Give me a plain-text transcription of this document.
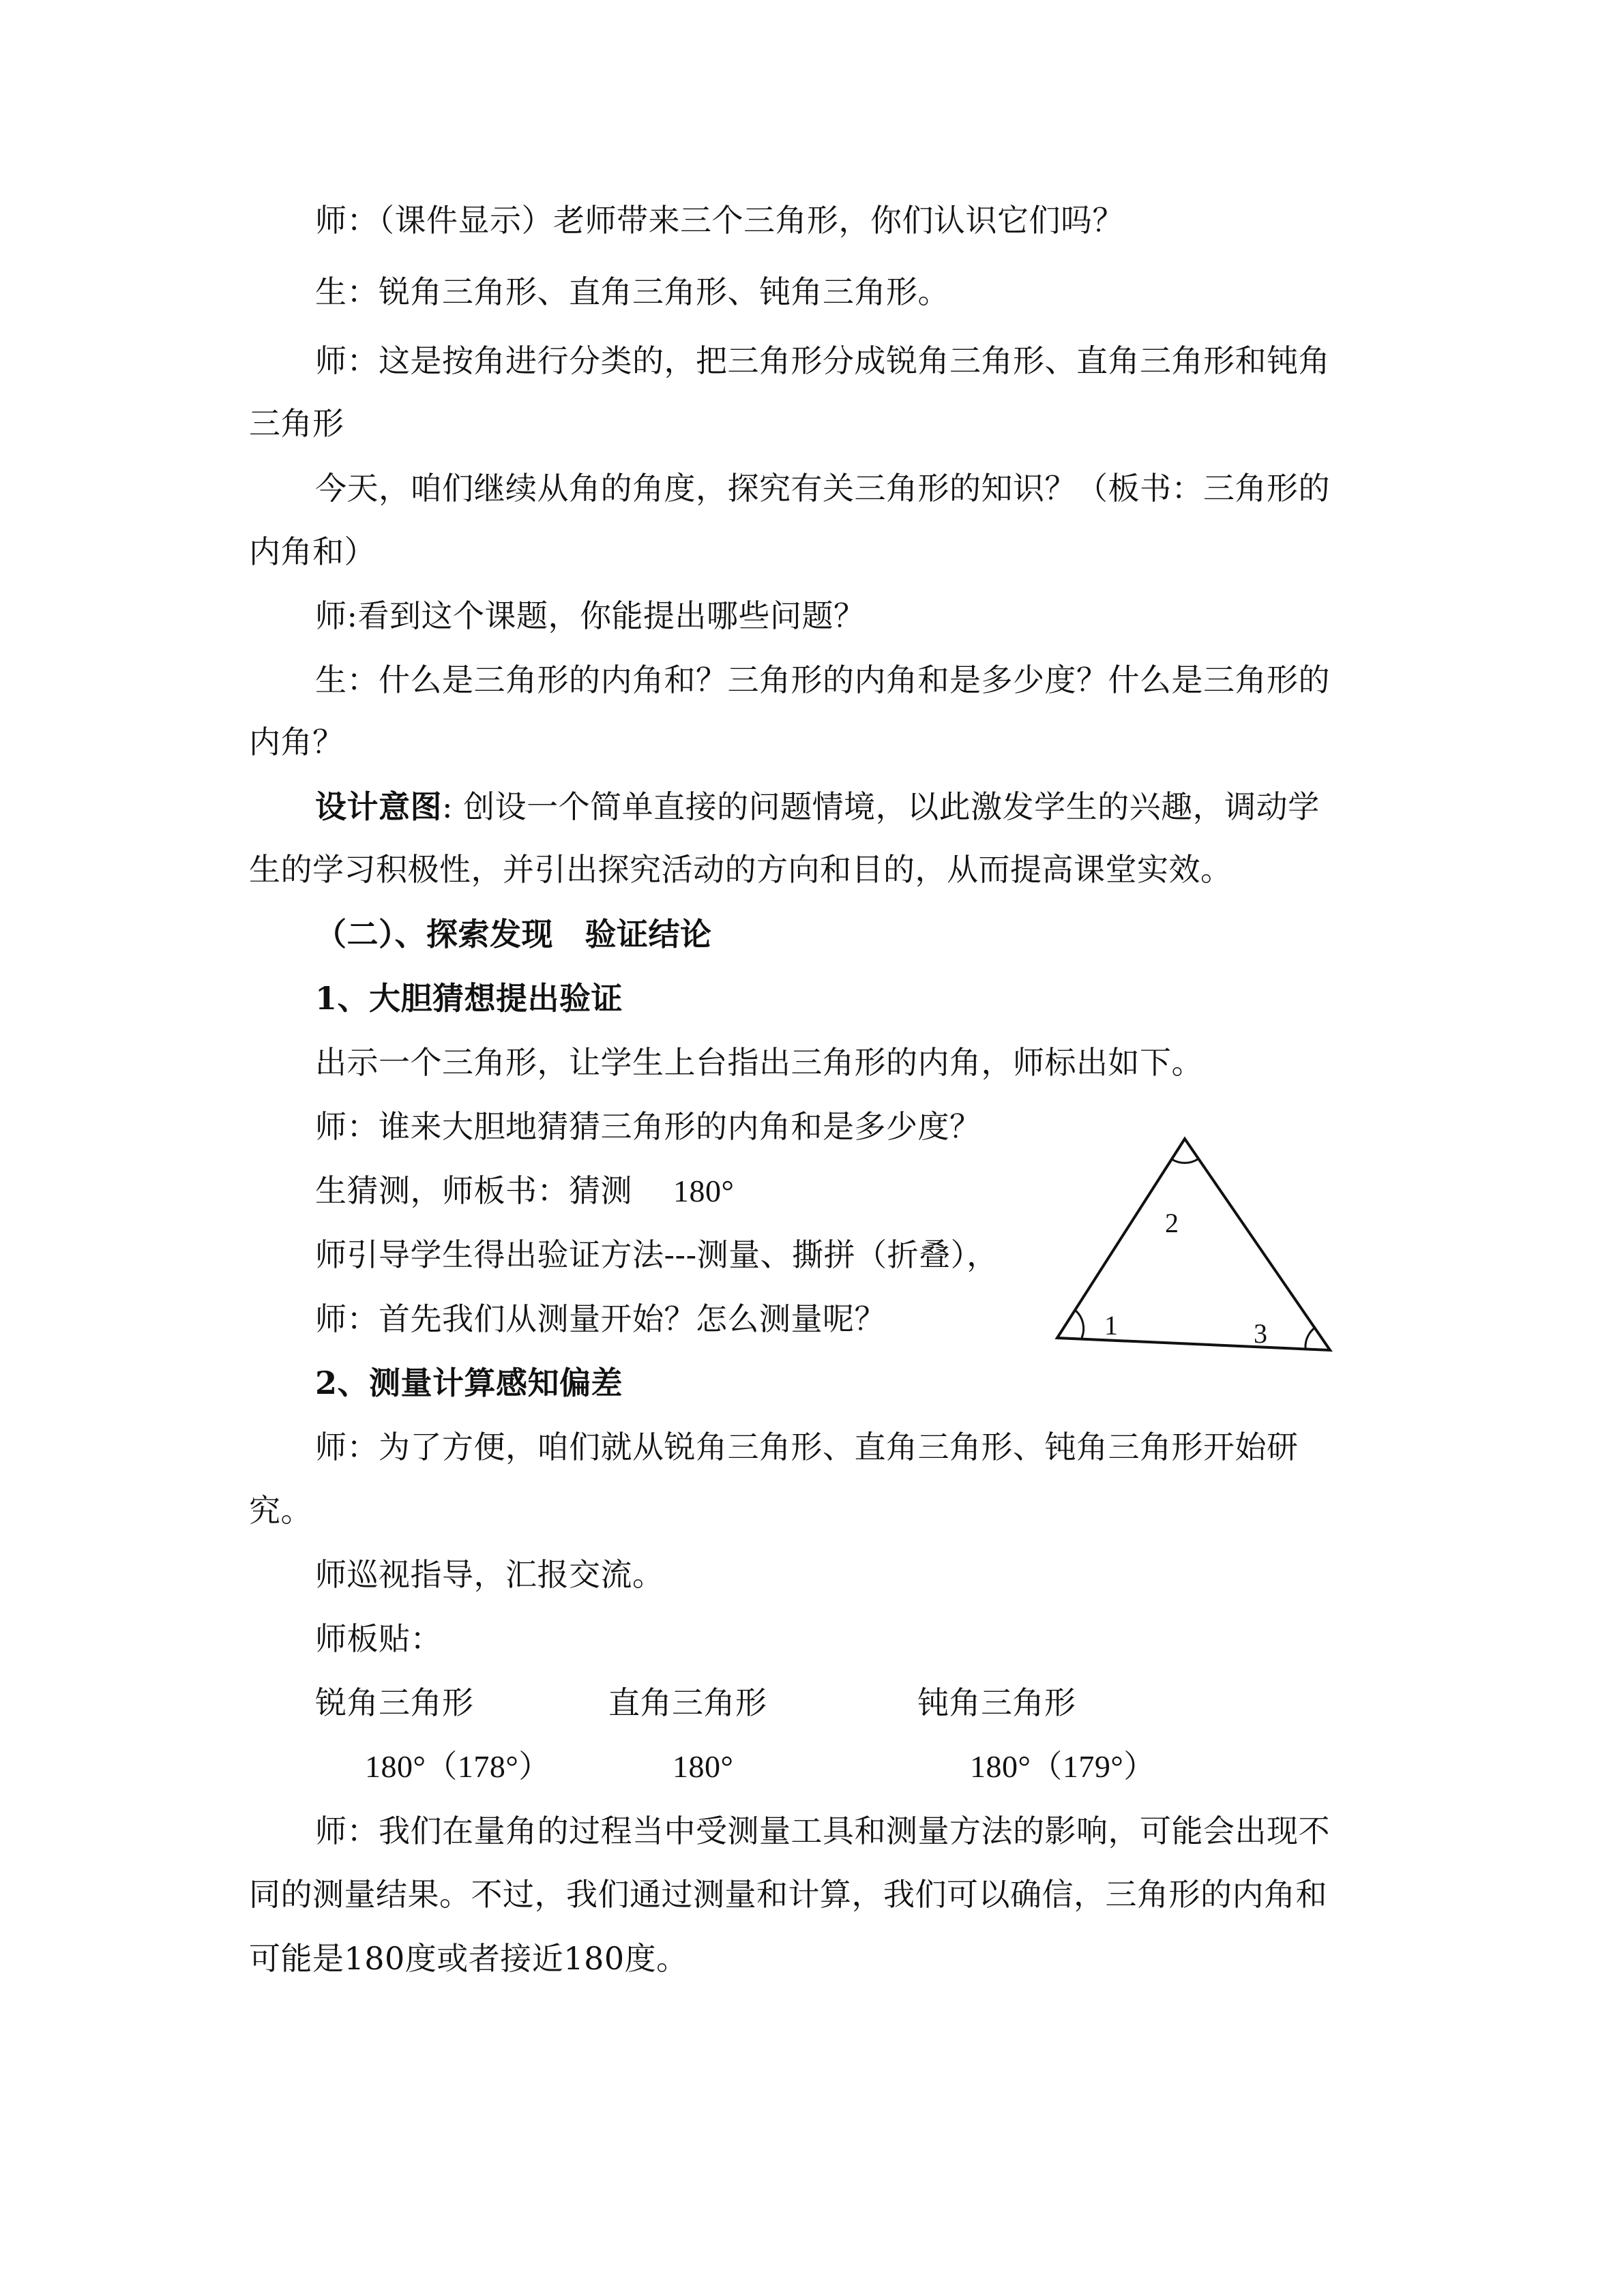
师：（课件显示）老师带来三个三角形，你们认识它们吗？
生：锐角三角形、直角三角形、钝角三角形。
师：这是按角进行分类的，把三角形分成锐角三角形、直角三角形和钝角
三角形
今天，咱们继续从角的角度，探究有关三角形的知识？（板书：三角形的
内角和）
师:看到这个课题，你能提出哪些问题？
生：什么是三角形的内角和？三角形的内角和是多少度？什么是三角形的
内角？
设计意图: 创设一个简单直接的问题情境，以此激发学生的兴趣，调动学
生的学习积极性，并引出探究活动的方向和目的，从而提高课堂实效。
（二）、探索发现　验证结论
1、大胆猜想提出验证
出示一个三角形，让学生上台指出三角形的内角，师标出如下。
师：谁来大胆地猜猜三角形的内角和是多少度？
生猜测，师板书：猜测 180°
师引导学生得出验证方法---测量、撕拼（折叠），
师：首先我们从测量开始？怎么测量呢？	1
2
3
2、测量计算感知偏差
师：为了方便，咱们就从锐角三角形、直角三角形、钝角三角形开始研
究。
师巡视指导，汇报交流。
师板贴：
锐角三角形	直角三角形	钝角三角形
180°（178°）	180°	180°（179°）
师：我们在量角的过程当中受测量工具和测量方法的影响，可能会出现不
同的测量结果。不过，我们通过测量和计算，我们可以确信，三角形的内角和
可能是180度或者接近180度。
